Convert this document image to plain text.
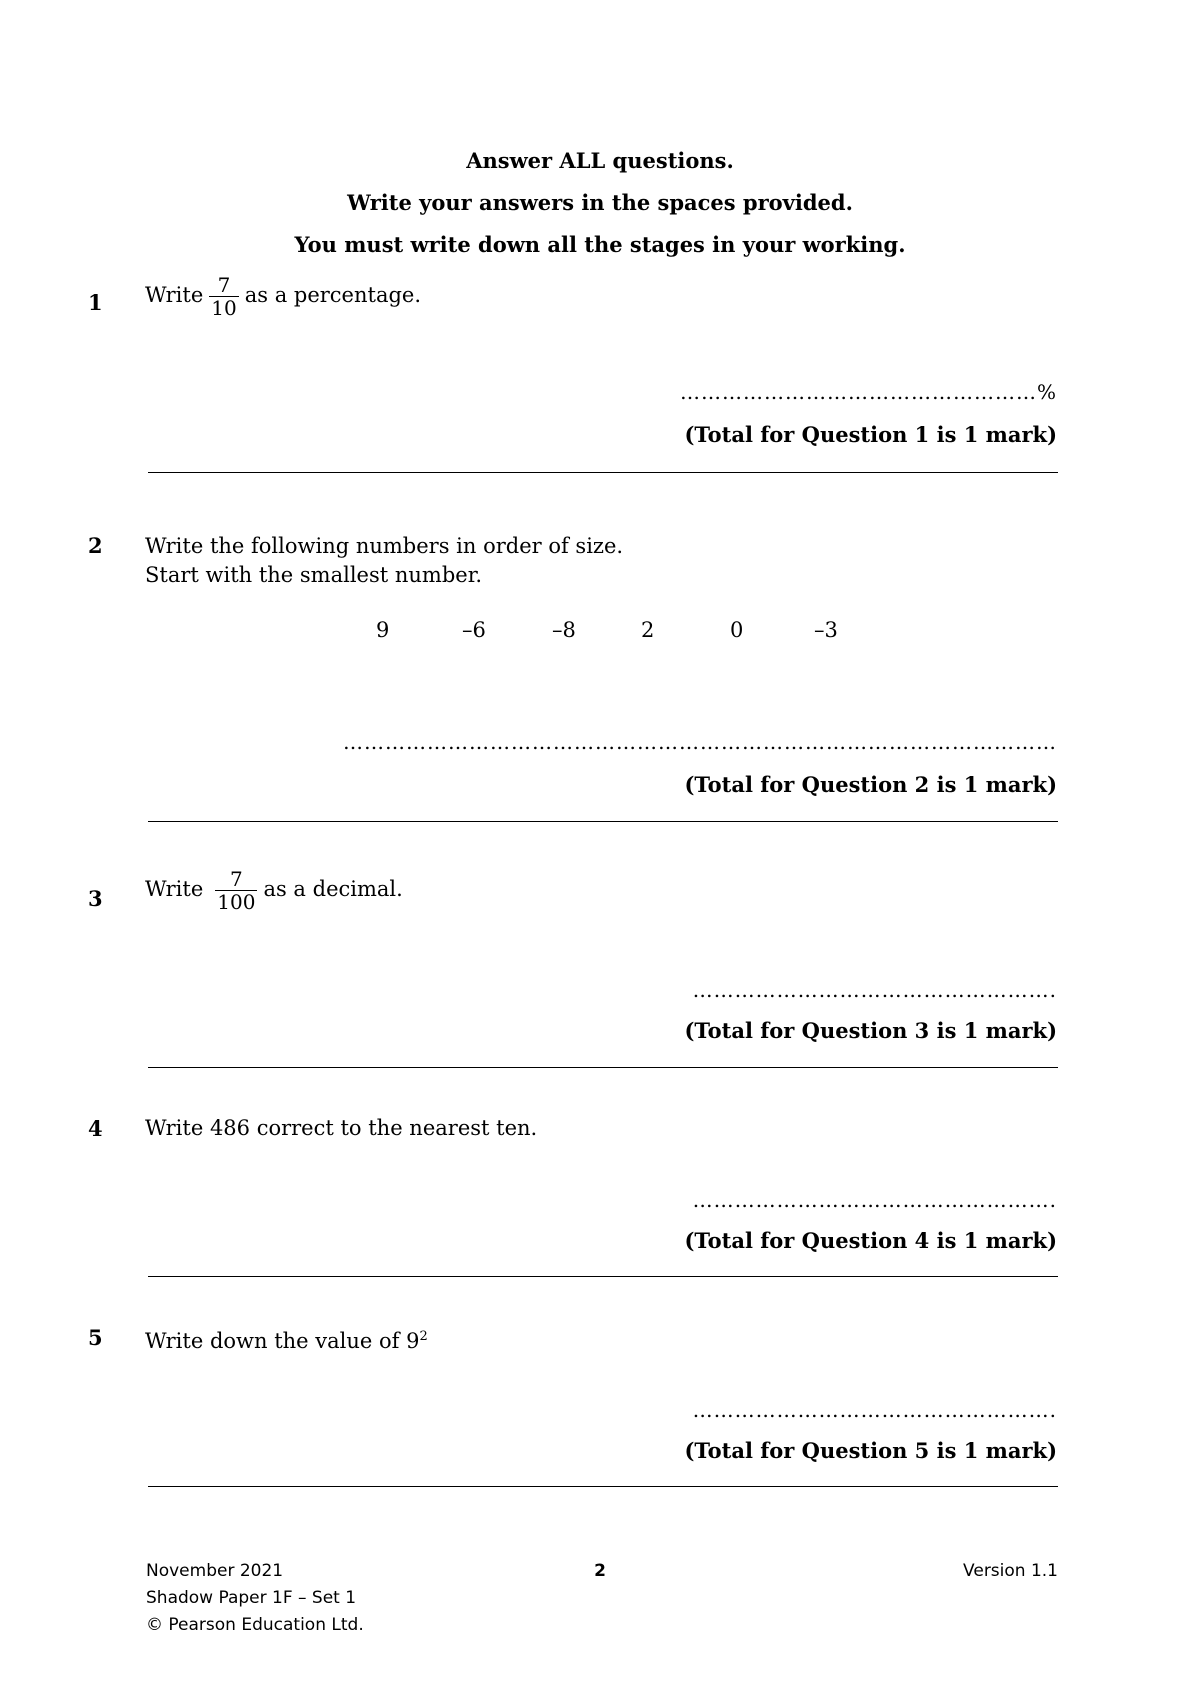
Answer ALL questions.
Write your answers in the spaces provided.
You must write down all the stages in your working.
1 Write $\frac{7}{10}$ as a percentage.
……………………………………………%
(Total for Question 1 is 1 mark)
2 Write the following numbers in order of size.
Start with the smallest number.
9	–6	–8	2	0	–3
…………………………………………………………………………………………
(Total for Question 2 is 1 mark)
3 Write $\frac{7}{100}$ as a decimal.
…………………………………………….
(Total for Question 3 is 1 mark)
4 Write 486 correct to the nearest ten.
…………………………………………….
(Total for Question 4 is 1 mark)
5 Write down the value of $9^2$
…………………………………………….
(Total for Question 5 is 1 mark)
November 2021
Shadow Paper 1F – Set 1
© Pearson Education Ltd.
2	Version 1.1
